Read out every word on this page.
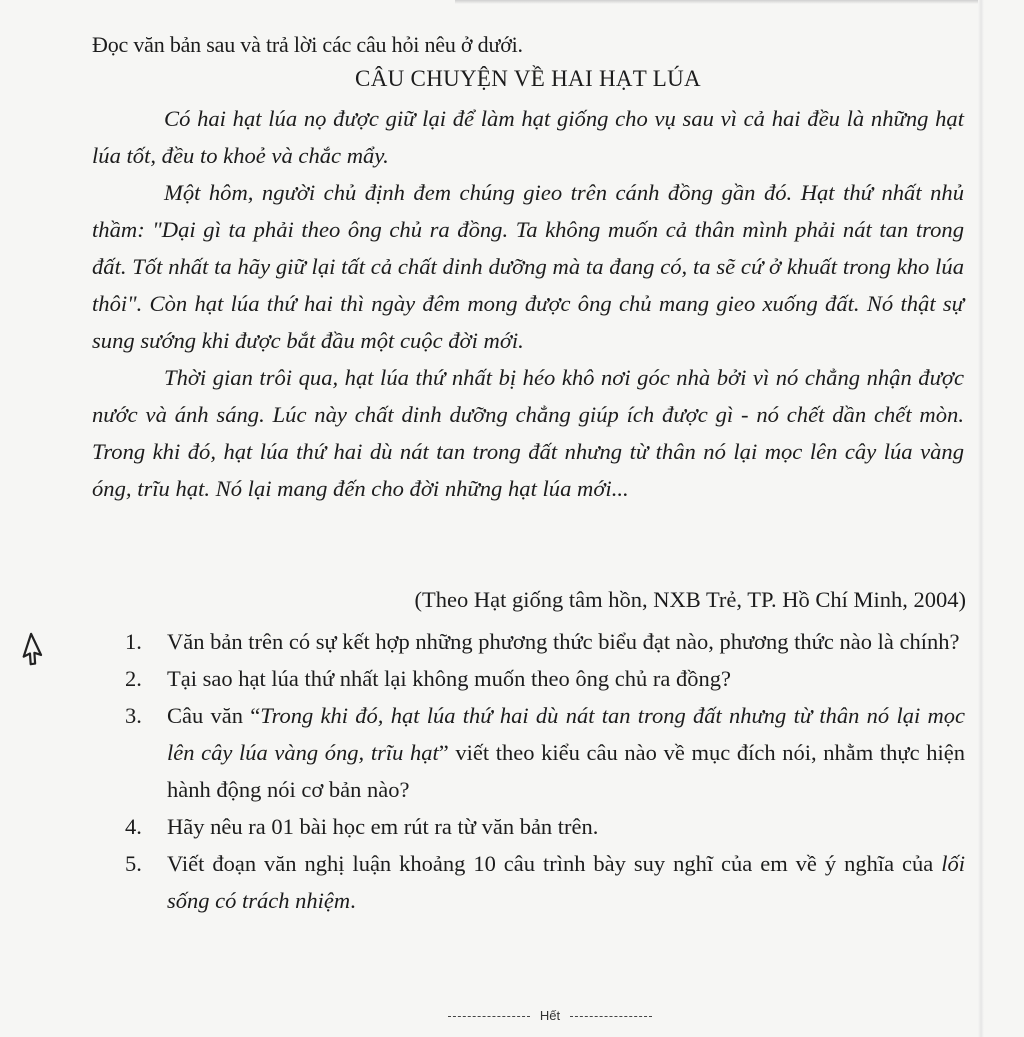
Đọc văn bản sau và trả lời các câu hỏi nêu ở dưới.
CÂU CHUYỆN VỀ HAI HẠT LÚA

Có hai hạt lúa nọ được giữ lại để làm hạt giống cho vụ sau vì cả hai đều là những hạt lúa tốt, đều to khoẻ và chắc mẩy.

Một hôm, người chủ định đem chúng gieo trên cánh đồng gần đó. Hạt thứ nhất nhủ thầm: "Dại gì ta phải theo ông chủ ra đồng. Ta không muốn cả thân mình phải nát tan trong đất. Tốt nhất ta hãy giữ lại tất cả chất dinh dưỡng mà ta đang có, ta sẽ cứ ở khuất trong kho lúa thôi". Còn hạt lúa thứ hai thì ngày đêm mong được ông chủ mang gieo xuống đất. Nó thật sự sung sướng khi được bắt đầu một cuộc đời mới.

Thời gian trôi qua, hạt lúa thứ nhất bị héo khô nơi góc nhà bởi vì nó chẳng nhận được nước và ánh sáng. Lúc này chất dinh dưỡng chẳng giúp ích được gì - nó chết dần chết mòn. Trong khi đó, hạt lúa thứ hai dù nát tan trong đất nhưng từ thân nó lại mọc lên cây lúa vàng óng, trĩu hạt. Nó lại mang đến cho đời những hạt lúa mới...

(Theo Hạt giống tâm hồn, NXB Trẻ, TP. Hồ Chí Minh, 2004)
1. Văn bản trên có sự kết hợp những phương thức biểu đạt nào, phương thức nào là chính?
2. Tại sao hạt lúa thứ nhất lại không muốn theo ông chủ ra đồng?
3. Câu văn “Trong khi đó, hạt lúa thứ hai dù nát tan trong đất nhưng từ thân nó lại mọc lên cây lúa vàng óng, trĩu hạt” viết theo kiểu câu nào về mục đích nói, nhằm thực hiện hành động nói cơ bản nào?
4. Hãy nêu ra 01 bài học em rút ra từ văn bản trên.
5. Viết đoạn văn nghị luận khoảng 10 câu trình bày suy nghĩ của em về ý nghĩa của lối sống có trách nhiệm.
Hết
